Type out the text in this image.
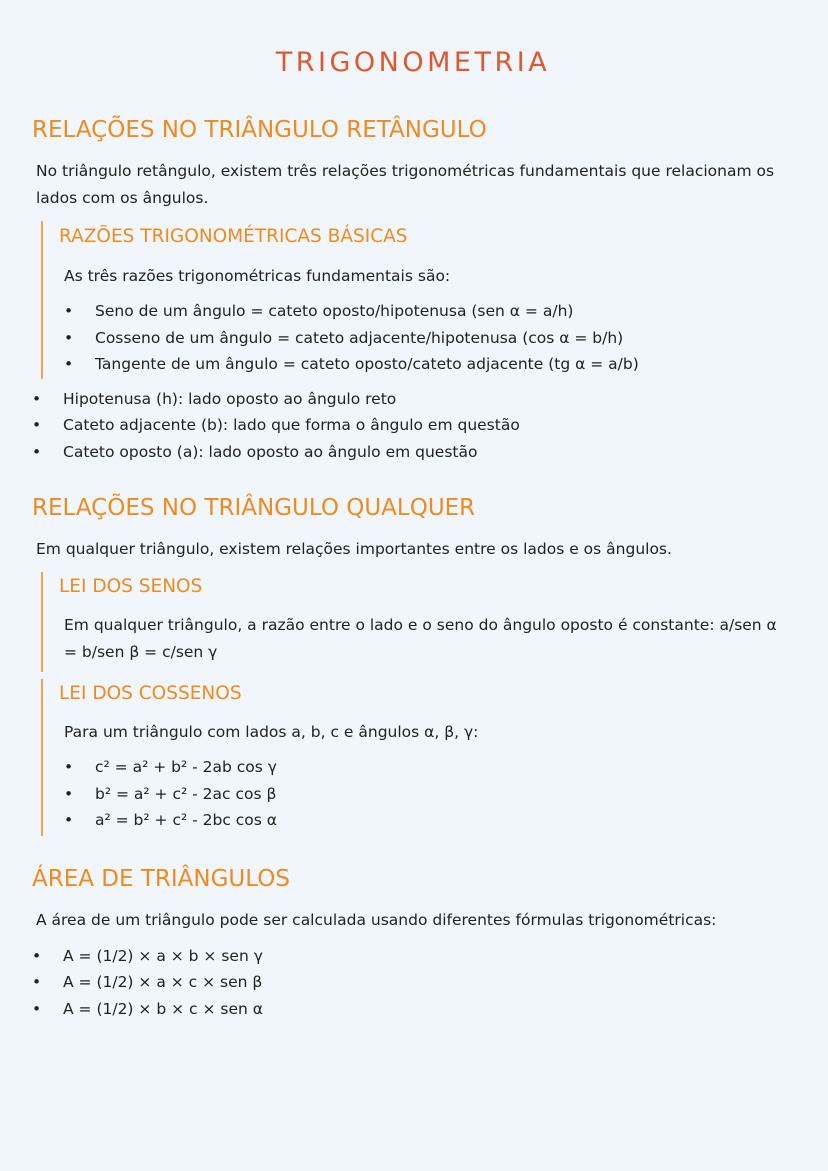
TRIGONOMETRIA
RELAÇÕES NO TRIÂNGULO RETÂNGULO

No triângulo retângulo, existem três relações trigonométricas fundamentais que relacionam os lados com os ângulos.

RAZÕES TRIGONOMÉTRICAS BÁSICAS

As três razões trigonométricas fundamentais são:

• Seno de um ângulo = cateto oposto/hipotenusa (sen α = a/h)
• Cosseno de um ângulo = cateto adjacente/hipotenusa (cos α = b/h)
• Tangente de um ângulo = cateto oposto/cateto adjacente (tg α = a/b)
• Hipotenusa (h): lado oposto ao ângulo reto
• Cateto adjacente (b): lado que forma o ângulo em questão
• Cateto oposto (a): lado oposto ao ângulo em questão
RELAÇÕES NO TRIÂNGULO QUALQUER

Em qualquer triângulo, existem relações importantes entre os lados e os ângulos.

LEI DOS SENOS

Em qualquer triângulo, a razão entre o lado e o seno do ângulo oposto é constante: a/sen α = b/sen β = c/sen γ

LEI DOS COSSENOS

Para um triângulo com lados a, b, c e ângulos α, β, γ:

• c² = a² + b² - 2ab cos γ
• b² = a² + c² - 2ac cos β
• a² = b² + c² - 2bc cos α
ÁREA DE TRIÂNGULOS

A área de um triângulo pode ser calculada usando diferentes fórmulas trigonométricas:

• A = (1/2) × a × b × sen γ
• A = (1/2) × a × c × sen β
• A = (1/2) × b × c × sen α
